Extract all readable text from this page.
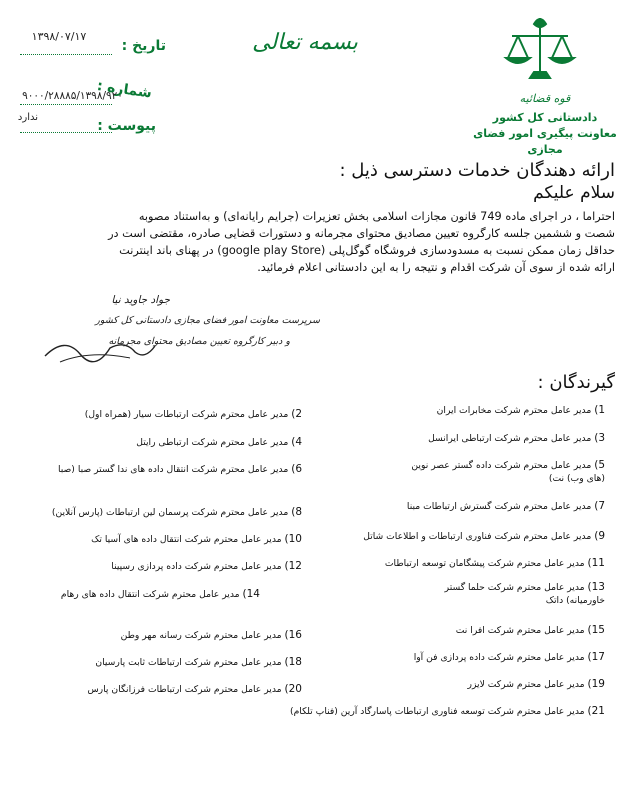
تاریخ :
۱۳۹۸/۰۷/۱۷
شماره :
۹۰۰۰/۲۸۸۸۵/۱۳۹۸/۹۲۰
پیوست :
ندارد
بسمه تعالی
قوه قضائیه
دادستانی کل کشور
معاونت پیگیری امور فضای مجازی
ارائه دهندگان خدمات دسترسی ذیل :
سلام علیکم
احتراما ، در اجرای ماده 749 قانون مجازات اسلامی بخش تعزیرات (جرایم رایانه‌ای) و به‌استناد مصوبه
شصت و ششمین جلسه کارگروه تعیین مصادیق محتوای مجرمانه و دستورات قضایی صادره، مقتضی است در
حداقل زمان ممکن نسبت به مسدودسازی فروشگاه گوگل‌پلی (google play Store) در پهنای باند اینترنت
ارائه شده از سوی آن شرکت اقدام و نتیجه را به این دادستانی اعلام فرمائید.
جواد جاوید نیا
سرپرست معاونت امور فضای مجازی دادستانی کل کشور
و دبیر کارگروه تعیین مصادیق محتوای مجرمانه
گیرندگان :
1) مدیر عامل محترم شرکت مخابرات ایران
3) مدیر عامل محترم شرکت ارتباطی ایرانسل
5) مدیر عامل محترم شرکت داده گستر عصر نوین (های وب) نت)
7) مدیر عامل محترم شرکت گسترش ارتباطات مبنا
9) مدیر عامل محترم شرکت فناوری ارتباطات و اطلاعات شاتل
11) مدیر عامل محترم شرکت پیشگامان توسعه ارتباطات
13) مدیر عامل محترم شرکت حلما گستر خاورمیانه) داتک
15) مدیر عامل محترم شرکت افرا نت
17) مدیر عامل محترم شرکت داده پردازی فن آوا
19) مدیر عامل محترم شرکت لایزر
21) مدیر عامل محترم شرکت توسعه فناوری ارتباطات پاسارگاد آرین (فناپ تلکام)
2) مدیر عامل محترم شرکت ارتباطات سیار (همراه اول)
4) مدیر عامل محترم شرکت ارتباطی رایتل
6) مدیر عامل محترم شرکت انتقال داده های ندا گستر صبا (صبا
8) مدیر عامل محترم شرکت پرسمان لین ارتباطات (پارس آنلاین)
10) مدیر عامل محترم شرکت انتقال داده های آسیا تک
12) مدیر عامل محترم شرکت داده پردازی رسپینا
14) مدیر عامل محترم شرکت انتقال داده های رهام
16) مدیر عامل محترم شرکت رسانه مهر وطن
18) مدیر عامل محترم شرکت ارتباطات ثابت پارسیان
20) مدیر عامل محترم شرکت ارتباطات فرزانگان پارس
